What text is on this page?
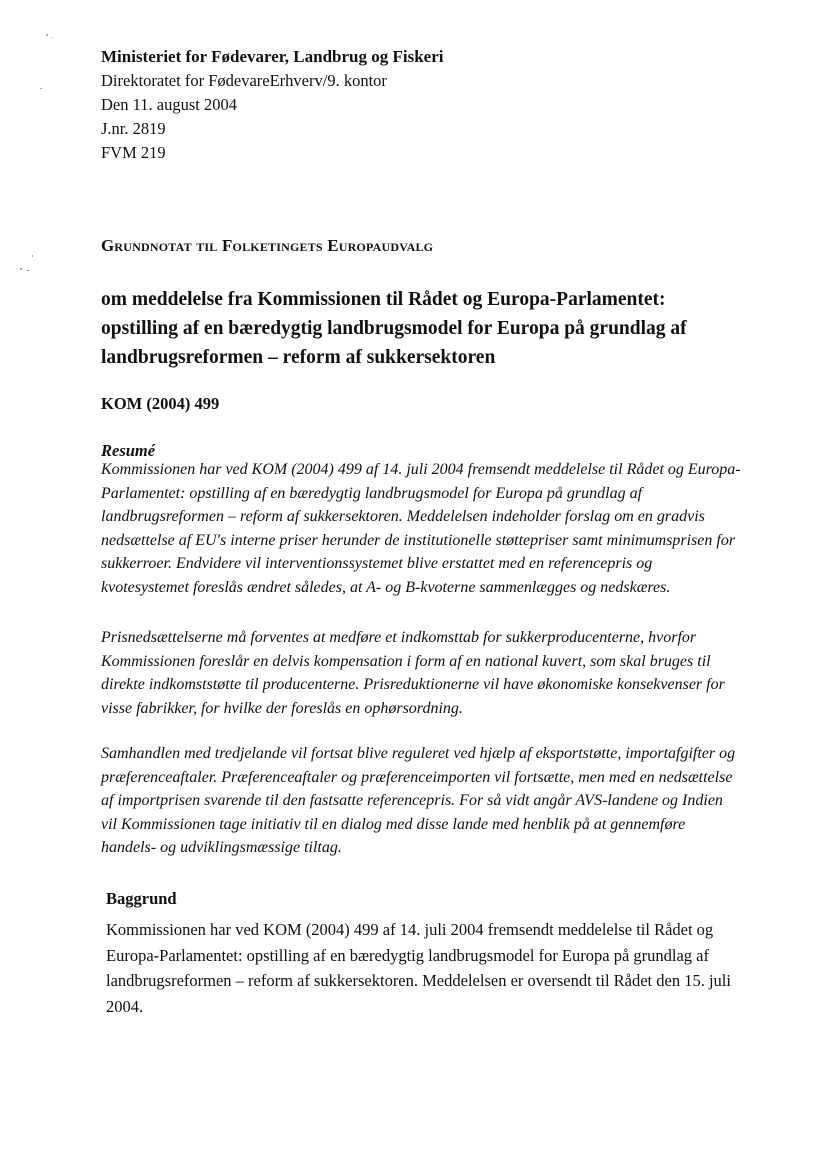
Ministeriet for Fødevarer, Landbrug og Fiskeri
Direktoratet for FødevareErhverv/9. kontor
Den 11. august 2004
J.nr. 2819
FVM 219
Grundnotat til Folketingets Europaudvalg
om meddelelse fra Kommissionen til Rådet og Europa-Parlamentet: opstilling af en bæredygtig landbrugsmodel for Europa på grundlag af landbrugsreformen – reform af sukkersektoren
KOM (2004) 499
Resumé

Kommissionen har ved KOM (2004) 499 af 14. juli 2004 fremsendt meddelelse til Rådet og Europa-Parlamentet: opstilling af en bæredygtig landbrugsmodel for Europa på grundlag af landbrugsreformen – reform af sukkersektoren. Meddelelsen indeholder forslag om en gradvis nedsættelse af EU's interne priser herunder de institutionelle støttepriser samt minimumsprisen for sukkerroer. Endvidere vil interventionssystemet blive erstattet med en referencepris og kvotesystemet foreslås ændret således, at A- og B-kvoterne sammenlægges og nedskæres.

Prisnedsættelserne må forventes at medføre et indkomsttab for sukkerproducenterne, hvorfor Kommissionen foreslår en delvis kompensation i form af en national kuvert, som skal bruges til direkte indkomststøtte til producenterne. Prisreduktionerne vil have økonomiske konsekvenser for visse fabrikker, for hvilke der foreslås en ophørsordning.

Samhandlen med tredjelande vil fortsat blive reguleret ved hjælp af eksportstøtte, importafgifter og præferenceaftaler. Præferenceaftaler og præferenceimporten vil fortsætte, men med en nedsættelse af importprisen svarende til den fastsatte referencepris. For så vidt angår AVS-landene og Indien vil Kommissionen tage initiativ til en dialog med disse lande med henblik på at gennemføre handels- og udviklingsmæssige tiltag.

Baggrund

Kommissionen har ved KOM (2004) 499 af 14. juli 2004 fremsendt meddelelse til Rådet og Europa-Parlamentet: opstilling af en bæredygtig landbrugsmodel for Europa på grundlag af landbrugsreformen – reform af sukkersektoren. Meddelelsen er oversendt til Rådet den 15. juli 2004.
